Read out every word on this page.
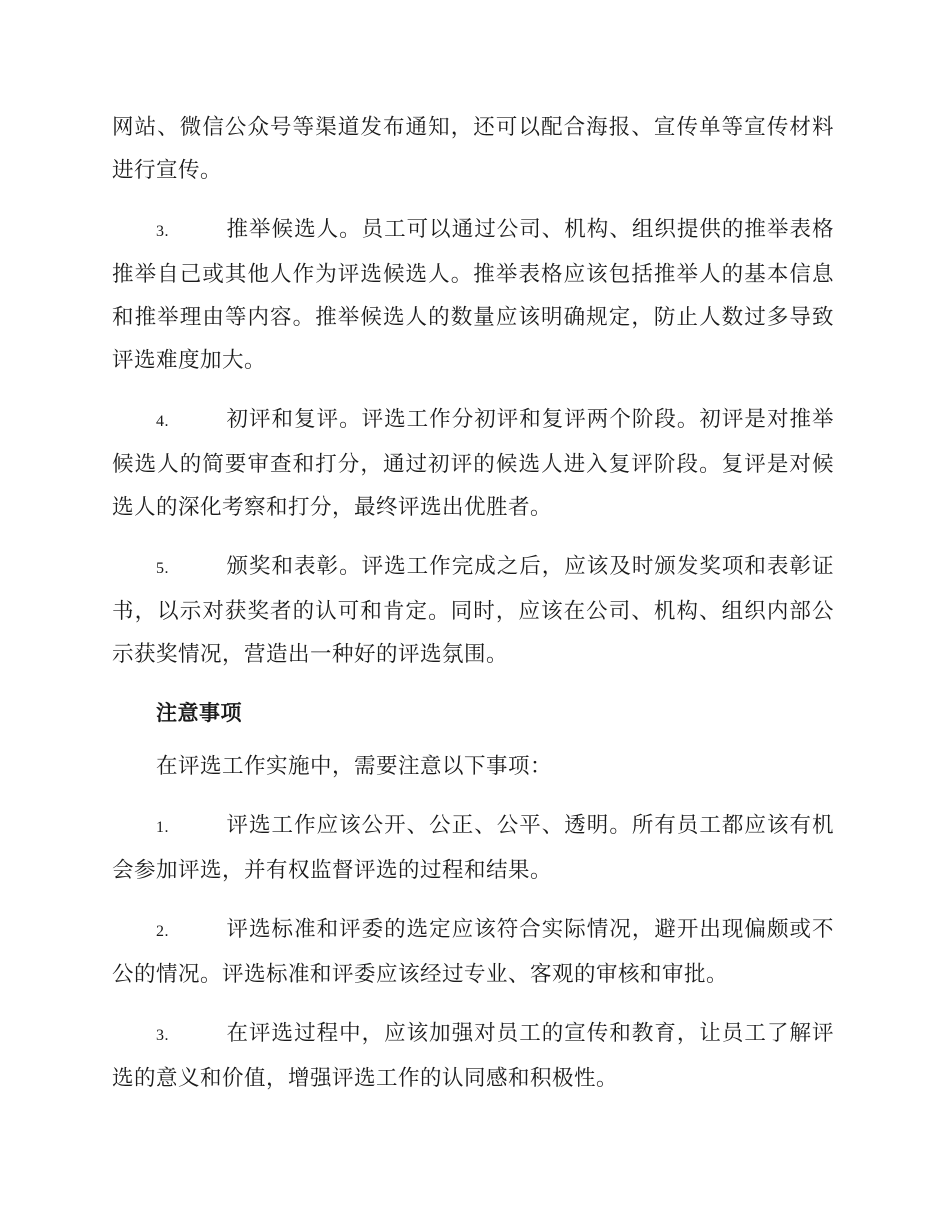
网站、微信公众号等渠道发布通知，还可以配合海报、宣传单等宣传材料进行宣传。

3.	推举候选人。员工可以通过公司、机构、组织提供的推举表格推举自己或其他人作为评选候选人。推举表格应该包括推举人的基本信息和推举理由等内容。推举候选人的数量应该明确规定，防止人数过多导致评选难度加大。

4.	初评和复评。评选工作分初评和复评两个阶段。初评是对推举候选人的简要审查和打分，通过初评的候选人进入复评阶段。复评是对候选人的深化考察和打分，最终评选出优胜者。

5.	颁奖和表彰。评选工作完成之后，应该及时颁发奖项和表彰证书，以示对获奖者的认可和肯定。同时，应该在公司、机构、组织内部公示获奖情况，营造出一种好的评选氛围。

注意事项

在评选工作实施中，需要注意以下事项：

1.	评选工作应该公开、公正、公平、透明。所有员工都应该有机会参加评选，并有权监督评选的过程和结果。

2.	评选标准和评委的选定应该符合实际情况，避开出现偏颇或不公的情况。评选标准和评委应该经过专业、客观的审核和审批。

3.	在评选过程中，应该加强对员工的宣传和教育，让员工了解评选的意义和价值，增强评选工作的认同感和积极性。
